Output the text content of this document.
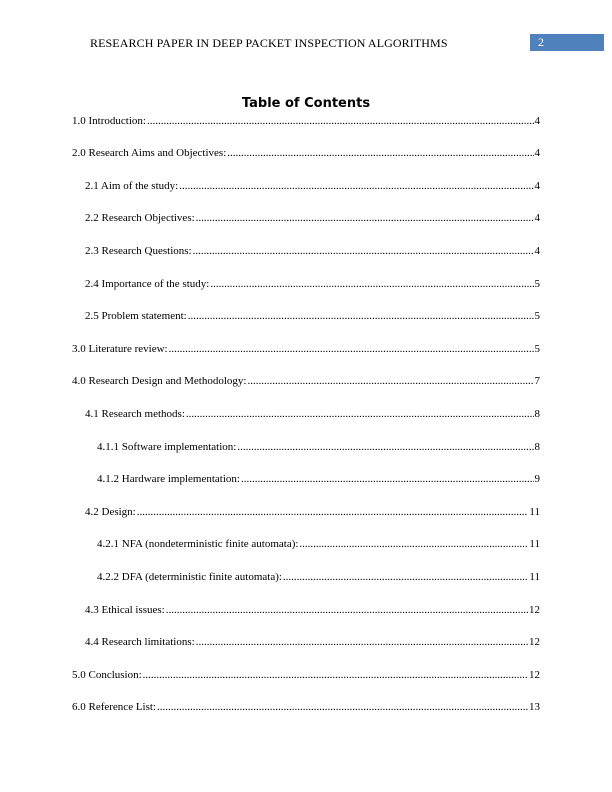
RESEARCH PAPER IN DEEP PACKET INSPECTION ALGORITHMS	2
Table of Contents
1.0 Introduction: .....	4
2.0 Research Aims and Objectives: .....	4
2.1 Aim of the study: .....	4
2.2 Research Objectives: .....	4
2.3 Research Questions: .....	4
2.4 Importance of the study: .....	5
2.5 Problem statement: .....	5
3.0 Literature review: .....	5
4.0 Research Design and Methodology: .....	7
4.1 Research methods: .....	8
4.1.1 Software implementation: .....	8
4.1.2 Hardware implementation: .....	9
4.2 Design: .....	11
4.2.1 NFA (nondeterministic finite automata): .....	11
4.2.2 DFA (deterministic finite automata): .....	11
4.3 Ethical issues: .....	12
4.4 Research limitations: .....	12
5.0 Conclusion: .....	12
6.0 Reference List: .....	13
